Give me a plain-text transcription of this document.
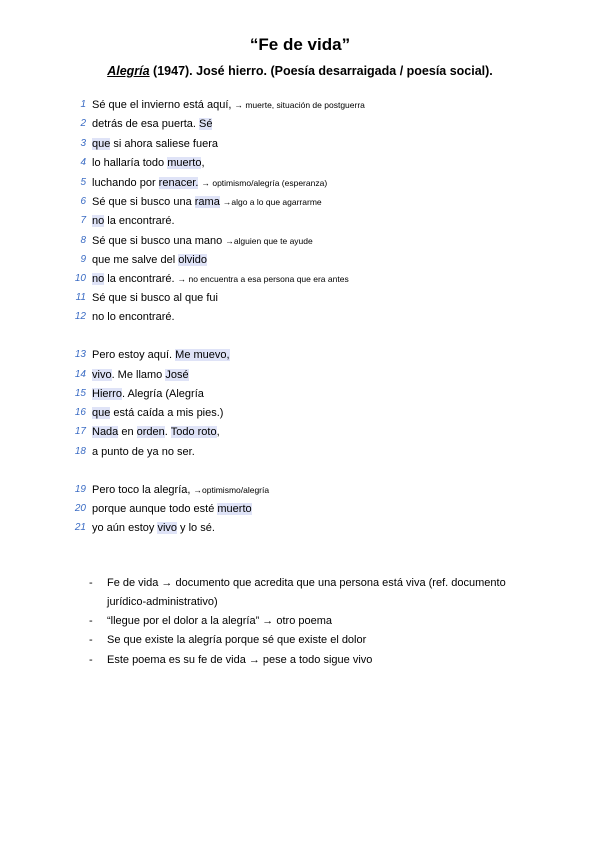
“Fe de vida”
Alegría (1947). José hierro. (Poesía desarraigada / poesía social).
1 Sé que el invierno está aquí, → muerte, situación de postguerra
2 detrás de esa puerta. Sé
3 que si ahora saliese fuera
4 lo hallaría todo muerto,
5 luchando por renacer. → optimismo/alegría (esperanza)
6 Sé que si busco una rama →algo a lo que agarrarme
7 no la encontraré.
8 Sé que si busco una mano →alguien que te ayude
9 que me salve del olvido
10 no la encontraré. → no encuentra a esa persona que era antes
11 Sé que si busco al que fui
12 no lo encontraré.
13 Pero estoy aquí. Me muevo,
14 vivo. Me llamo José
15 Hierro. Alegría (Alegría
16 que está caída a mis pies.)
17 Nada en orden. Todo roto,
18 a punto de ya no ser.
19 Pero toco la alegría, →optimismo/alegría
20 porque aunque todo esté muerto
21 yo aún estoy vivo y lo sé.
- Fe de vida → documento que acredita que una persona está viva (ref. documento jurídico-administrativo)
- “llegue por el dolor a la alegría” → otro poema
- Se que existe la alegría porque sé que existe el dolor
- Este poema es su fe de vida → pese a todo sigue vivo
